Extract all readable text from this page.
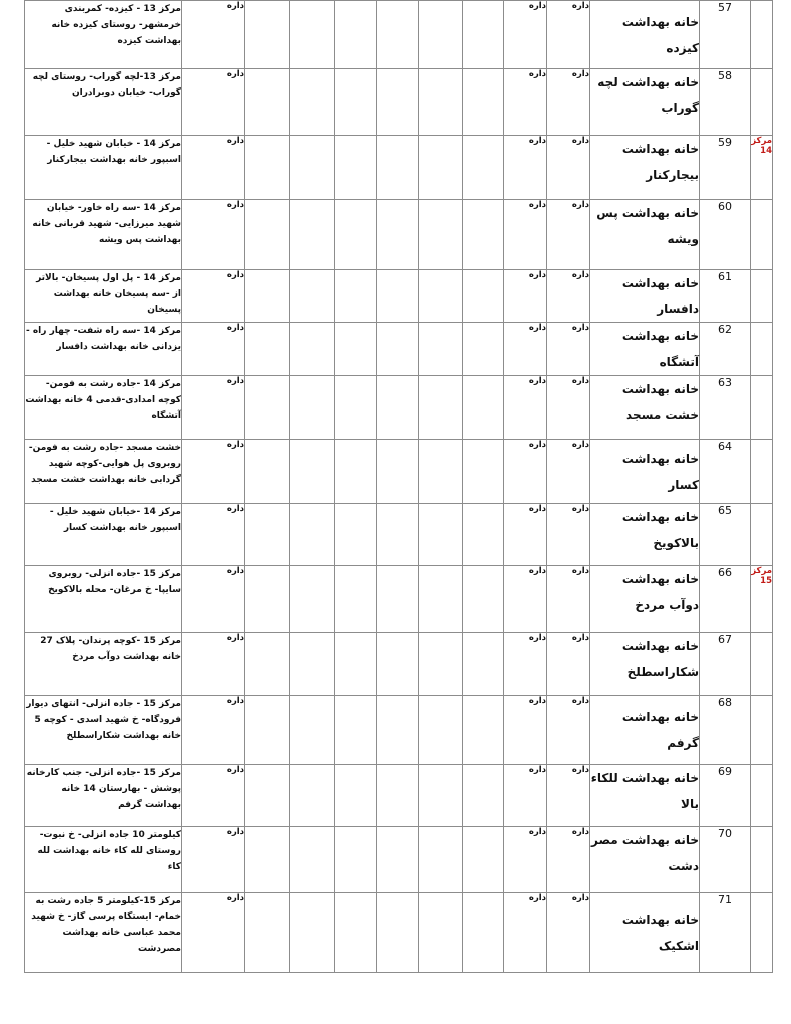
مرکز 13 - کیزده- کمربندی خرمشهر- روستای کیزده خانه بهداشت کیزده	داره							داره	داره	خانه بهداشت کیزده	57	
مرکز 13-لچه گوراب- روستای لچه گوراب- خیابان دوبرادران	داره							داره	داره	خانه بهداشت لچه گوراب	58	
مرکز 14 - خیابان شهید خلیل - اسبپور خانه بهداشت بیجارکنار	داره							داره	داره	خانه بهداشت بیجارکنار	59	مرکز 14
مرکز 14 -سه راه خاور- خیابان شهید میرزایی- شهید قربانی خانه بهداشت پس ویشه	داره							داره	داره	خانه بهداشت پس ویشه	60	
مرکز 14 - پل اول پسیخان- بالاتر از -سه پسیخان خانه بهداشت پسیخان	داره							داره	داره	خانه بهداشت دافسار	61	
مرکز 14 -سه راه شفت- چهار راه - یزدانی خانه بهداشت دافسار	داره							داره	داره	خانه بهداشت آتشگاه	62	
مرکز 14 -جاده رشت به فومن- کوچه امدادی-قدمی 4 خانه بهداشت آتشگاه	داره							داره	داره	خانه بهداشت خشت مسجد	63	
خشت مسجد -جاده رشت به فومن- روبروی پل هوایی-کوچه شهید گردابی خانه بهداشت خشت مسجد	داره							داره	داره	خانه بهداشت کسار	64	
مرکز 14 -خیابان شهید خلیل - اسبپور خانه بهداشت کسار	داره							داره	داره	خانه بهداشت بالاکویخ	65	
مرکز 15 -جاده انزلی- روبروی سایپا- خ مرغان- محله بالاکویخ	داره							داره	داره	خانه بهداشت دوآب مردخ	66	مرکز 15
مرکز 15 -کوچه پرندان- پلاک 27 خانه بهداشت دوآب مردخ	داره							داره	داره	خانه بهداشت شکاراسطلخ	67	
مرکز 15 - جاده انزلی- انتهای دیوار فرودگاه- خ شهید اسدی - کوچه 5 خانه بهداشت شکاراسطلخ	داره							داره	داره	خانه بهداشت گرفم	68	
مرکز 15 -جاده انزلی- جنب کارخانه پوشش - بهارستان 14 خانه بهداشت گرفم	داره							داره	داره	خانه بهداشت للکاء بالا	69	
کیلومتر 10 جاده انزلی- خ نبوت- روستای لله کاء خانه بهداشت لله کاء	داره							داره	داره	خانه بهداشت مصر دشت	70	
مرکز 15-کیلومتر 5 جاده رشت به خمام- ایستگاه پرسی گاز- خ شهید محمد عباسی خانه بهداشت مصردشت	داره							داره	داره	خانه بهداشت اشکیک	71	
